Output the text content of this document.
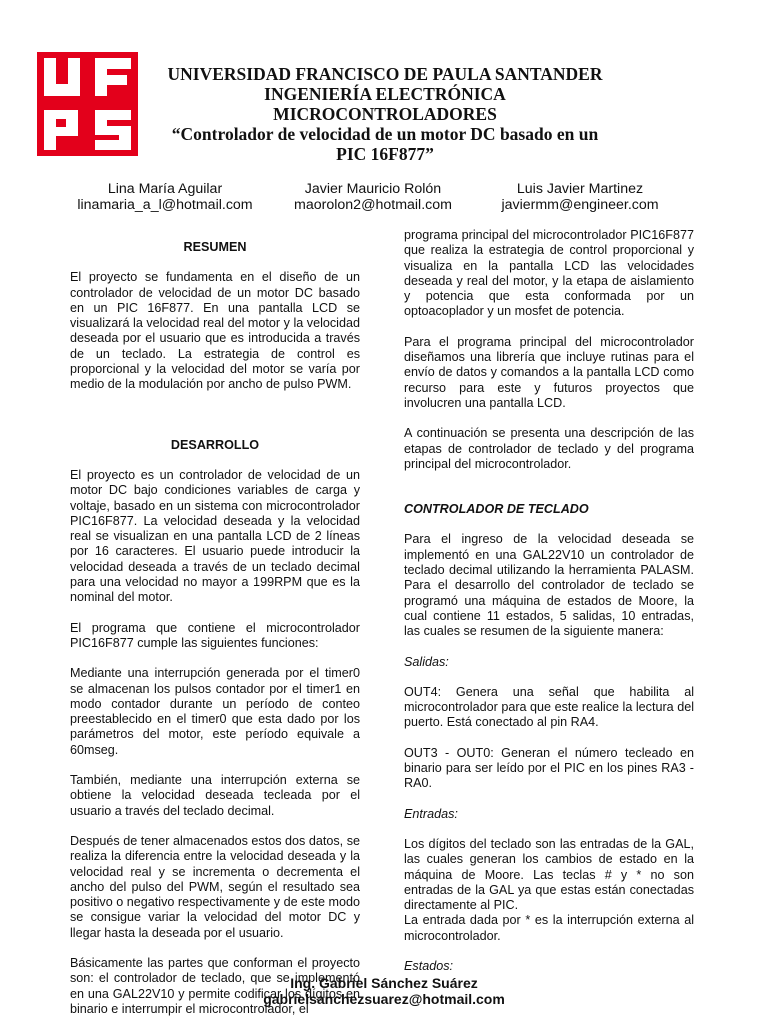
UNIVERSIDAD FRANCISCO DE PAULA SANTANDER
INGENIERÍA ELECTRÓNICA
MICROCONTROLADORES
“Controlador de velocidad de un motor DC basado en un
PIC 16F877”
Lina María Aguilar
linamaria_a_l@hotmail.com
Javier Mauricio Rolón
maorolon2@hotmail.com
Luis Javier Martinez
javiermm@engineer.com
RESUMEN

El proyecto se fundamenta en el diseño de un controlador de velocidad de un motor DC basado en un PIC 16F877. En una pantalla LCD se visualizará la velocidad real del motor y la velocidad deseada por el usuario que es introducida a través de un teclado. La estrategia de control es proporcional y la velocidad del motor se varía por medio de la modulación por ancho de pulso PWM.

DESARROLLO

El proyecto es un controlador de velocidad de un motor DC bajo condiciones variables de carga y voltaje, basado en un sistema con microcontrolador PIC16F877. La velocidad deseada y la velocidad real se visualizan en una pantalla LCD de 2 líneas por 16 caracteres. El usuario puede introducir la velocidad deseada a través de un teclado decimal para una velocidad no mayor a 199RPM que es la nominal del motor.

El programa que contiene el microcontrolador PIC16F877 cumple las siguientes funciones:

Mediante una interrupción generada por el timer0 se almacenan los pulsos contador por el timer1 en modo contador durante un período de conteo preestablecido en el timer0 que esta dado por los parámetros del motor, este período equivale a 60mseg.

También, mediante una interrupción externa se obtiene la velocidad deseada tecleada por el usuario a través del teclado decimal.

Después de tener almacenados estos dos datos, se realiza la diferencia entre la velocidad deseada y la velocidad real y se incrementa o decrementa el ancho del pulso del PWM, según el resultado sea positivo o negativo respectivamente y de este modo se consigue variar la velocidad del motor DC y llegar hasta la deseada por el usuario.

Básicamente las partes que conforman el proyecto son: el controlador de teclado, que se implementó en una GAL22V10 y permite codificar los dígitos en binario e interrumpir el microcontrolador, el

programa principal del microcontrolador PIC16F877 que realiza la estrategia de control proporcional y visualiza en la pantalla LCD las velocidades deseada y real del motor, y la etapa de aislamiento y potencia que esta conformada por un optoacoplador y un mosfet de potencia.

Para el programa principal del microcontrolador diseñamos una librería que incluye rutinas para el envío de datos y comandos a la pantalla LCD como recurso para este y futuros proyectos que involucren una pantalla LCD.

A continuación se presenta una descripción de las etapas de controlador de teclado y del programa principal del microcontrolador.

CONTROLADOR DE TECLADO

Para el ingreso de la velocidad deseada se implementó en una GAL22V10 un controlador de teclado decimal utilizando la herramienta PALASM. Para el desarrollo del controlador de teclado se programó una máquina de estados de Moore, la cual contiene 11 estados, 5 salidas, 10 entradas, las cuales se resumen de la siguiente manera:

Salidas:

OUT4: Genera una señal que habilita al microcontrolador para que este realice la lectura del puerto. Está conectado al pin RA4.

OUT3 - OUT0: Generan el número tecleado en binario para ser leído por el PIC en los pines RA3 - RA0.

Entradas:

Los dígitos del teclado son las entradas de la GAL, las cuales generan los cambios de estado en la máquina de Moore. Las teclas # y * no son entradas de la GAL ya que estas están conectadas directamente al PIC.

La entrada dada por * es la interrupción externa al microcontrolador.

Estados:

Ing. Gabriel Sánchez Suárez
gabrielsanchezsuarez@hotmail.com
